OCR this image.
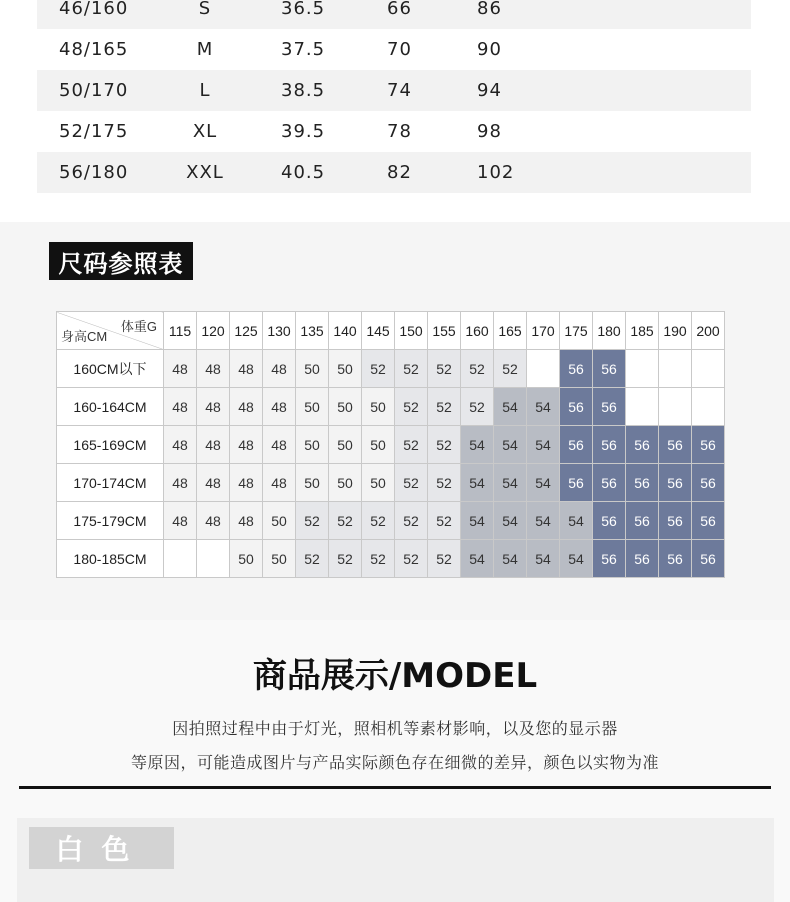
46/160	S	36.5	66	86
48/165	M	37.5	70	90
50/170	L	38.5	74	94
52/175	XL	39.5	78	98
56/180	XXL	40.5	82	102
尺码参照表
体重G
身高CM	115	120	125	130	135	140	145	150	155	160	165	170	175	180	185	190	200
160CM以下	48	48	48	48	50	50	52	52	52	52	52		56	56			
160-164CM	48	48	48	48	50	50	50	52	52	52	54	54	56	56			
165-169CM	48	48	48	48	50	50	50	52	52	54	54	54	56	56	56	56	56
170-174CM	48	48	48	48	50	50	50	52	52	54	54	54	56	56	56	56	56
175-179CM	48	48	48	50	52	52	52	52	52	54	54	54	54	56	56	56	56
180-185CM			50	50	52	52	52	52	52	54	54	54	54	56	56	56	56
商品展示/MODEL
因拍照过程中由于灯光，照相机等素材影响，以及您的显示器
等原因，可能造成图片与产品实际颜色存在细微的差异，颜色以实物为准
白色
